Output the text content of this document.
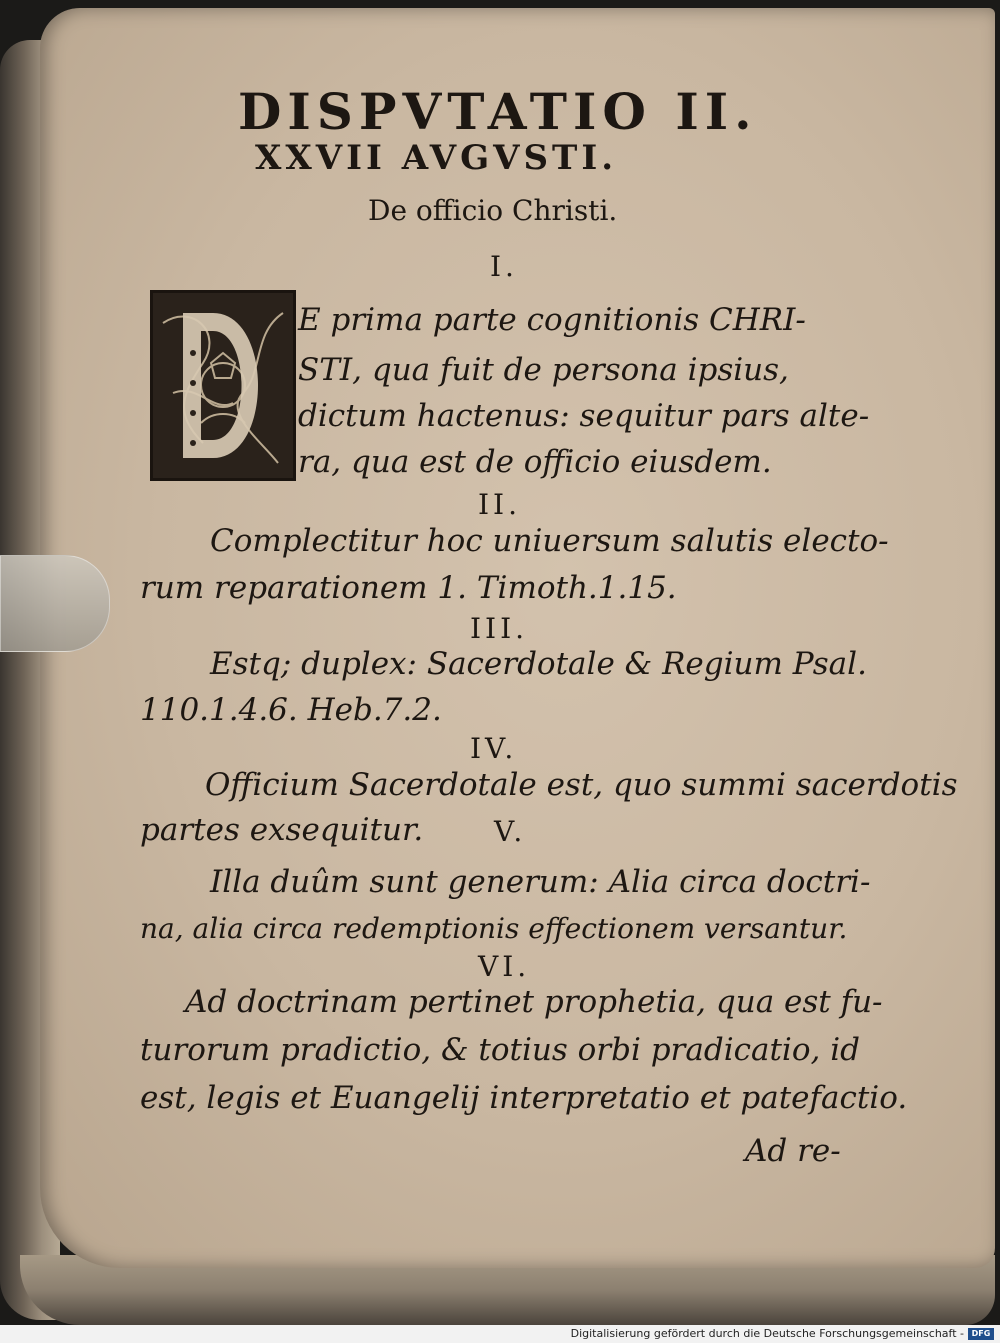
DISPVTATIO II.
XXVII AVGVSTI.
De officio Christi.
I.
E prima parte cognitionis CHRI-
STI, qua fuit de persona ipsius,
dictum hactenus: sequitur pars alte-
ra, qua est de officio eiusdem.
II.
Complectitur hoc uniuersum salutis electo-
rum reparationem 1. Timoth.1.15.
III.
Estq; duplex: Sacerdotale & Regium Psal.
110.1.4.6. Heb.7.2.
IV.
Officium Sacerdotale est, quo summi sacerdotis
partes exsequitur.	V.
Illa duûm sunt generum: Alia circa doctri-
na, alia circa redemptionis effectionem versantur.
VI.
Ad doctrinam pertinet prophetia, qua est fu-
turorum pradictio, & totius orbi pradicatio, id
est, legis et Euangelij interpretatio et patefactio.
Ad re-
Digitalisierung gefördert durch die Deutsche Forschungsgemeinschaft - DFG
